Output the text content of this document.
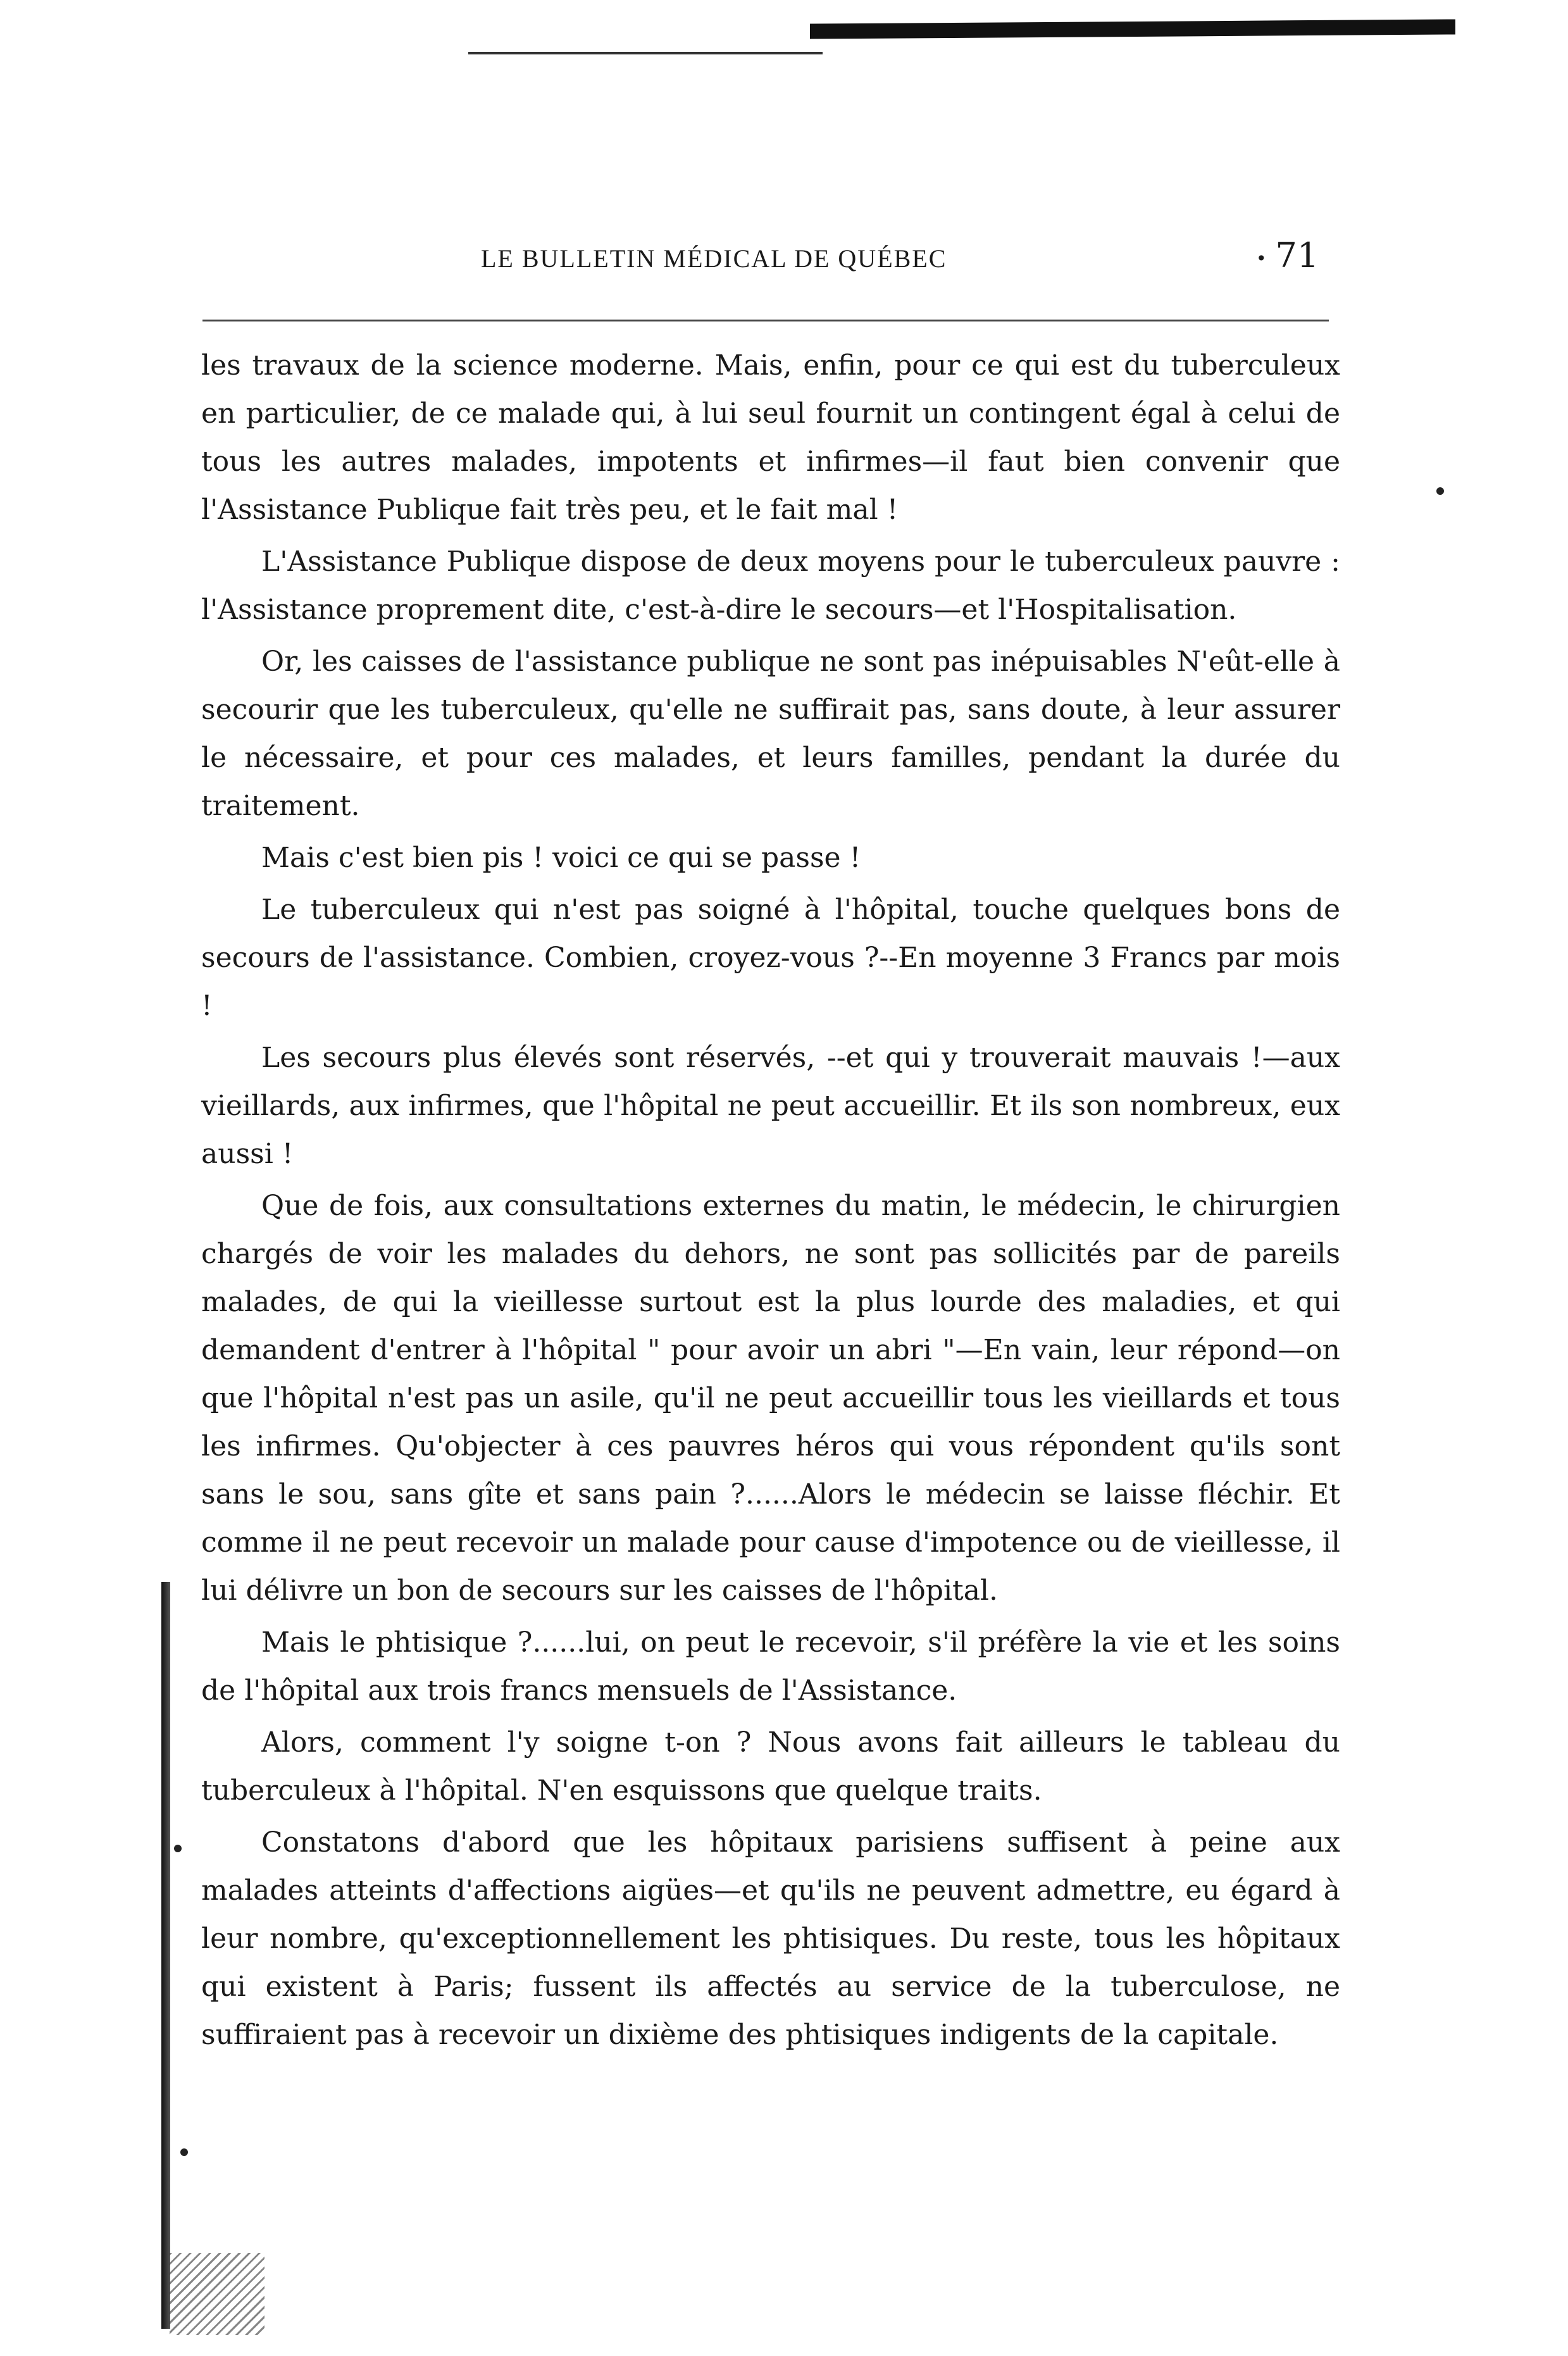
LE BULLETIN MÉDICAL DE QUÉBEC	• 71

les travaux de la science moderne. Mais, enfin, pour ce qui est du tuberculeux en particulier, de ce malade qui, à lui seul fournit un contingent égal à celui de tous les autres malades, impotents et infirmes—il faut bien convenir que l'Assistance Publique fait très peu, et le fait mal !

L'Assistance Publique dispose de deux moyens pour le tuberculeux pauvre : l'Assistance proprement dite, c'est-à-dire le secours—et l'Hospitalisation.

Or, les caisses de l'assistance publique ne sont pas inépuisables N'eût-elle à secourir que les tuberculeux, qu'elle ne suffirait pas, sans doute, à leur assurer le nécessaire, et pour ces malades, et leurs familles, pendant la durée du traitement.

Mais c'est bien pis ! voici ce qui se passe !

Le tuberculeux qui n'est pas soigné à l'hôpital, touche quelques bons de secours de l'assistance. Combien, croyez-vous ?--En moyenne 3 Francs par mois !

Les secours plus élevés sont réservés, --et qui y trouverait mauvais !—aux vieillards, aux infirmes, que l'hôpital ne peut accueillir. Et ils son nombreux, eux aussi !

Que de fois, aux consultations externes du matin, le médecin, le chirurgien chargés de voir les malades du dehors, ne sont pas sollicités par de pareils malades, de qui la vieillesse surtout est la plus lourde des maladies, et qui demandent d'entrer à l'hôpital " pour avoir un abri "—En vain, leur répond—on que l'hôpital n'est pas un asile, qu'il ne peut accueillir tous les vieillards et tous les infirmes. Qu'objecter à ces pauvres héros qui vous répondent qu'ils sont sans le sou, sans gîte et sans pain ?......Alors le médecin se laisse fléchir. Et comme il ne peut recevoir un malade pour cause d'impotence ou de vieillesse, il lui délivre un bon de secours sur les caisses de l'hôpital.

Mais le phtisique ?......lui, on peut le recevoir, s'il préfère la vie et les soins de l'hôpital aux trois francs mensuels de l'Assistance.

Alors, comment l'y soigne t-on ? Nous avons fait ailleurs le tableau du tuberculeux à l'hôpital. N'en esquissons que quelque traits.

Constatons d'abord que les hôpitaux parisiens suffisent à peine aux malades atteints d'affections aigües—et qu'ils ne peuvent admettre, eu égard à leur nombre, qu'exceptionnellement les phtisiques. Du reste, tous les hôpitaux qui existent à Paris; fussent ils affectés au service de la tuberculose, ne suffiraient pas à recevoir un dixième des phtisiques indigents de la capitale.
